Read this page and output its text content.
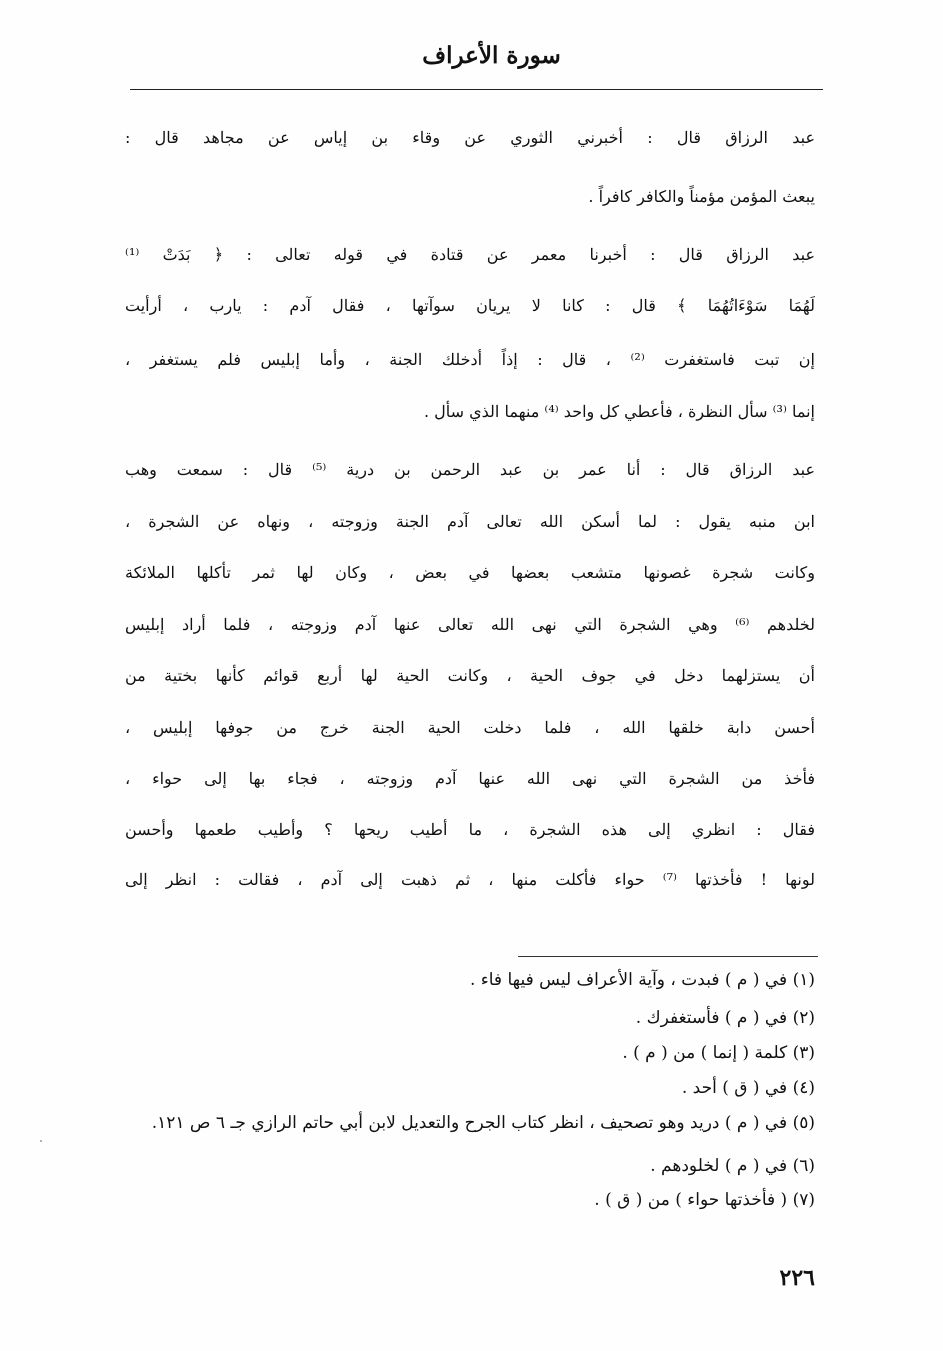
سورة الأعراف
عبد الرزاق قال : أخبرني الثوري عن وقاء بن إياس عن مجاهد قال :
يبعث المؤمن مؤمناً والكافر كافراً .
عبد الرزاق قال : أخبرنا معمر عن قتادة في قوله تعالى : ﴿ بَدَتْ ⁽¹⁾
لَهُمَا سَوْءَاتُهُمَا ﴾ قال : كانا لا يريان سوآتها ، فقال آدم : يارب ، أرأيت
إن تبت فاستغفرت ⁽²⁾ ، قال : إذاً أدخلك الجنة ، وأما إبليس فلم يستغفر ،
إنما ⁽³⁾ سأل النظرة ، فأعطي كل واحد ⁽⁴⁾ منهما الذي سأل .
عبد الرزاق قال : أنا عمر بن عبد الرحمن بن درية ⁽⁵⁾ قال : سمعت وهب
ابن منبه يقول : لما أسكن الله تعالى آدم الجنة وزوجته ، ونهاه عن الشجرة ،
وكانت شجرة غصونها متشعب بعضها في بعض ، وكان لها ثمر تأكلها الملائكة
لخلدهم ⁽⁶⁾ وهي الشجرة التي نهى الله تعالى عنها آدم وزوجته ، فلما أراد إبليس
أن يستزلهما دخل في جوف الحية ، وكانت الحية لها أربع قوائم كأنها بختية من
أحسن دابة خلقها الله ، فلما دخلت الحية الجنة خرج من جوفها إبليس ،
فأخذ من الشجرة التي نهى الله عنها آدم وزوجته ، فجاء بها إلى حواء ،
فقال : انظري إلى هذه الشجرة ، ما أطيب ريحها ؟ وأطيب طعمها وأحسن
لونها ! فأخذتها ⁽⁷⁾ حواء فأكلت منها ، ثم ذهبت إلى آدم ، فقالت : انظر إلى
(١) في ( م ) فبدت ، وآية الأعراف ليس فيها فاء .
(٢) في ( م ) فأستغفرك .
(٣) كلمة ( إنما ) من ( م ) .
(٤) في ( ق ) أحد .
(٥) في ( م ) دريد وهو تصحيف ، انظر كتاب الجرح والتعديل لابن أبي حاتم الرازي جـ ٦ ص ١٢١.
(٦) في ( م ) لخلودهم .
(٧) ( فأخذتها حواء ) من ( ق ) .
٢٢٦
